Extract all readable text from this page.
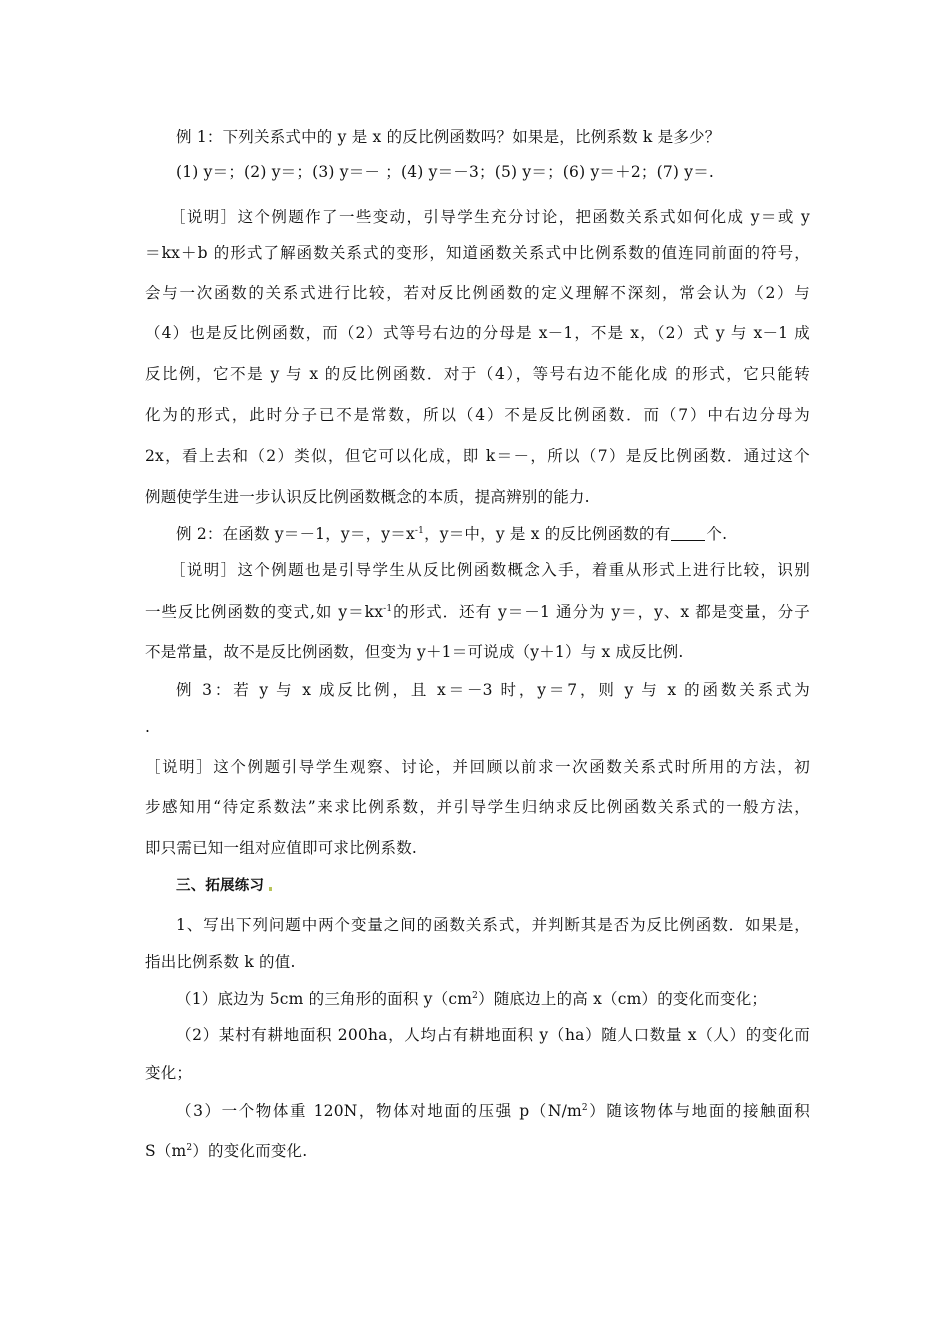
例 1：下列关系式中的 y 是 x 的反比例函数吗？如果是，比例系数 k 是多少？
(1) y＝；(2) y＝；(3) y＝－ ；(4) y＝－3；(5) y＝；(6) y＝＋2；(7) y＝.
［说明］这个例题作了一些变动，引导学生充分讨论，把函数关系式如何化成 y＝或 y
＝kx＋b 的形式了解函数关系式的变形，知道函数关系式中比例系数的值连同前面的符号，
会与一次函数的关系式进行比较，若对反比例函数的定义理解不深刻，常会认为（2）与
（4）也是反比例函数，而（2）式等号右边的分母是 x－1，不是 x，（2）式 y 与 x－1 成
反比例，它不是 y 与 x 的反比例函数．对于（4），等号右边不能化成 的形式，它只能转
化为的形式，此时分子已不是常数，所以（4）不是反比例函数．而（7）中右边分母为
2x，看上去和（2）类似，但它可以化成，即 k＝－，所以（7）是反比例函数．通过这个
例题使学生进一步认识反比例函数概念的本质，提高辨别的能力.
例 2：在函数 y＝－1，y＝，$y=x^{-1}$，y＝中，y 是 x 的反比例函数的有 个.
［说明］这个例题也是引导学生从反比例函数概念入手，着重从形式上进行比较，识别
一些反比例函数的变式,如 $y=kx^{-1}$的形式．还有 y＝－1 通分为 y＝，y、x 都是变量，分子
不是常量，故不是反比例函数，但变为 y＋1＝可说成（y＋1）与 x 成反比例.
例 3：若 y 与 x 成反比例，且 x＝－3 时，y＝7，则 y 与 x 的函数关系式为
.
［说明］这个例题引导学生观察、讨论，并回顾以前求一次函数关系式时所用的方法，初
步感知用“待定系数法”来求比例系数，并引导学生归纳求反比例函数关系式的一般方法，
即只需已知一组对应值即可求比例系数.
三、拓展练习
1、写出下列问题中两个变量之间的函数关系式，并判断其是否为反比例函数．如果是，
指出比例系数 k 的值.
（1）底边为 5cm 的三角形的面积 $y(cm^2)$随底边上的高 x（cm）的变化而变化；
（2）某村有耕地面积 200ha，人均占有耕地面积 y（ha）随人口数量 x（人）的变化而
变化；
（3）一个物体重 120N，物体对地面的压强 $p(N/m^2)$随该物体与地面的接触面积
$S(m^2)$的变化而变化.
